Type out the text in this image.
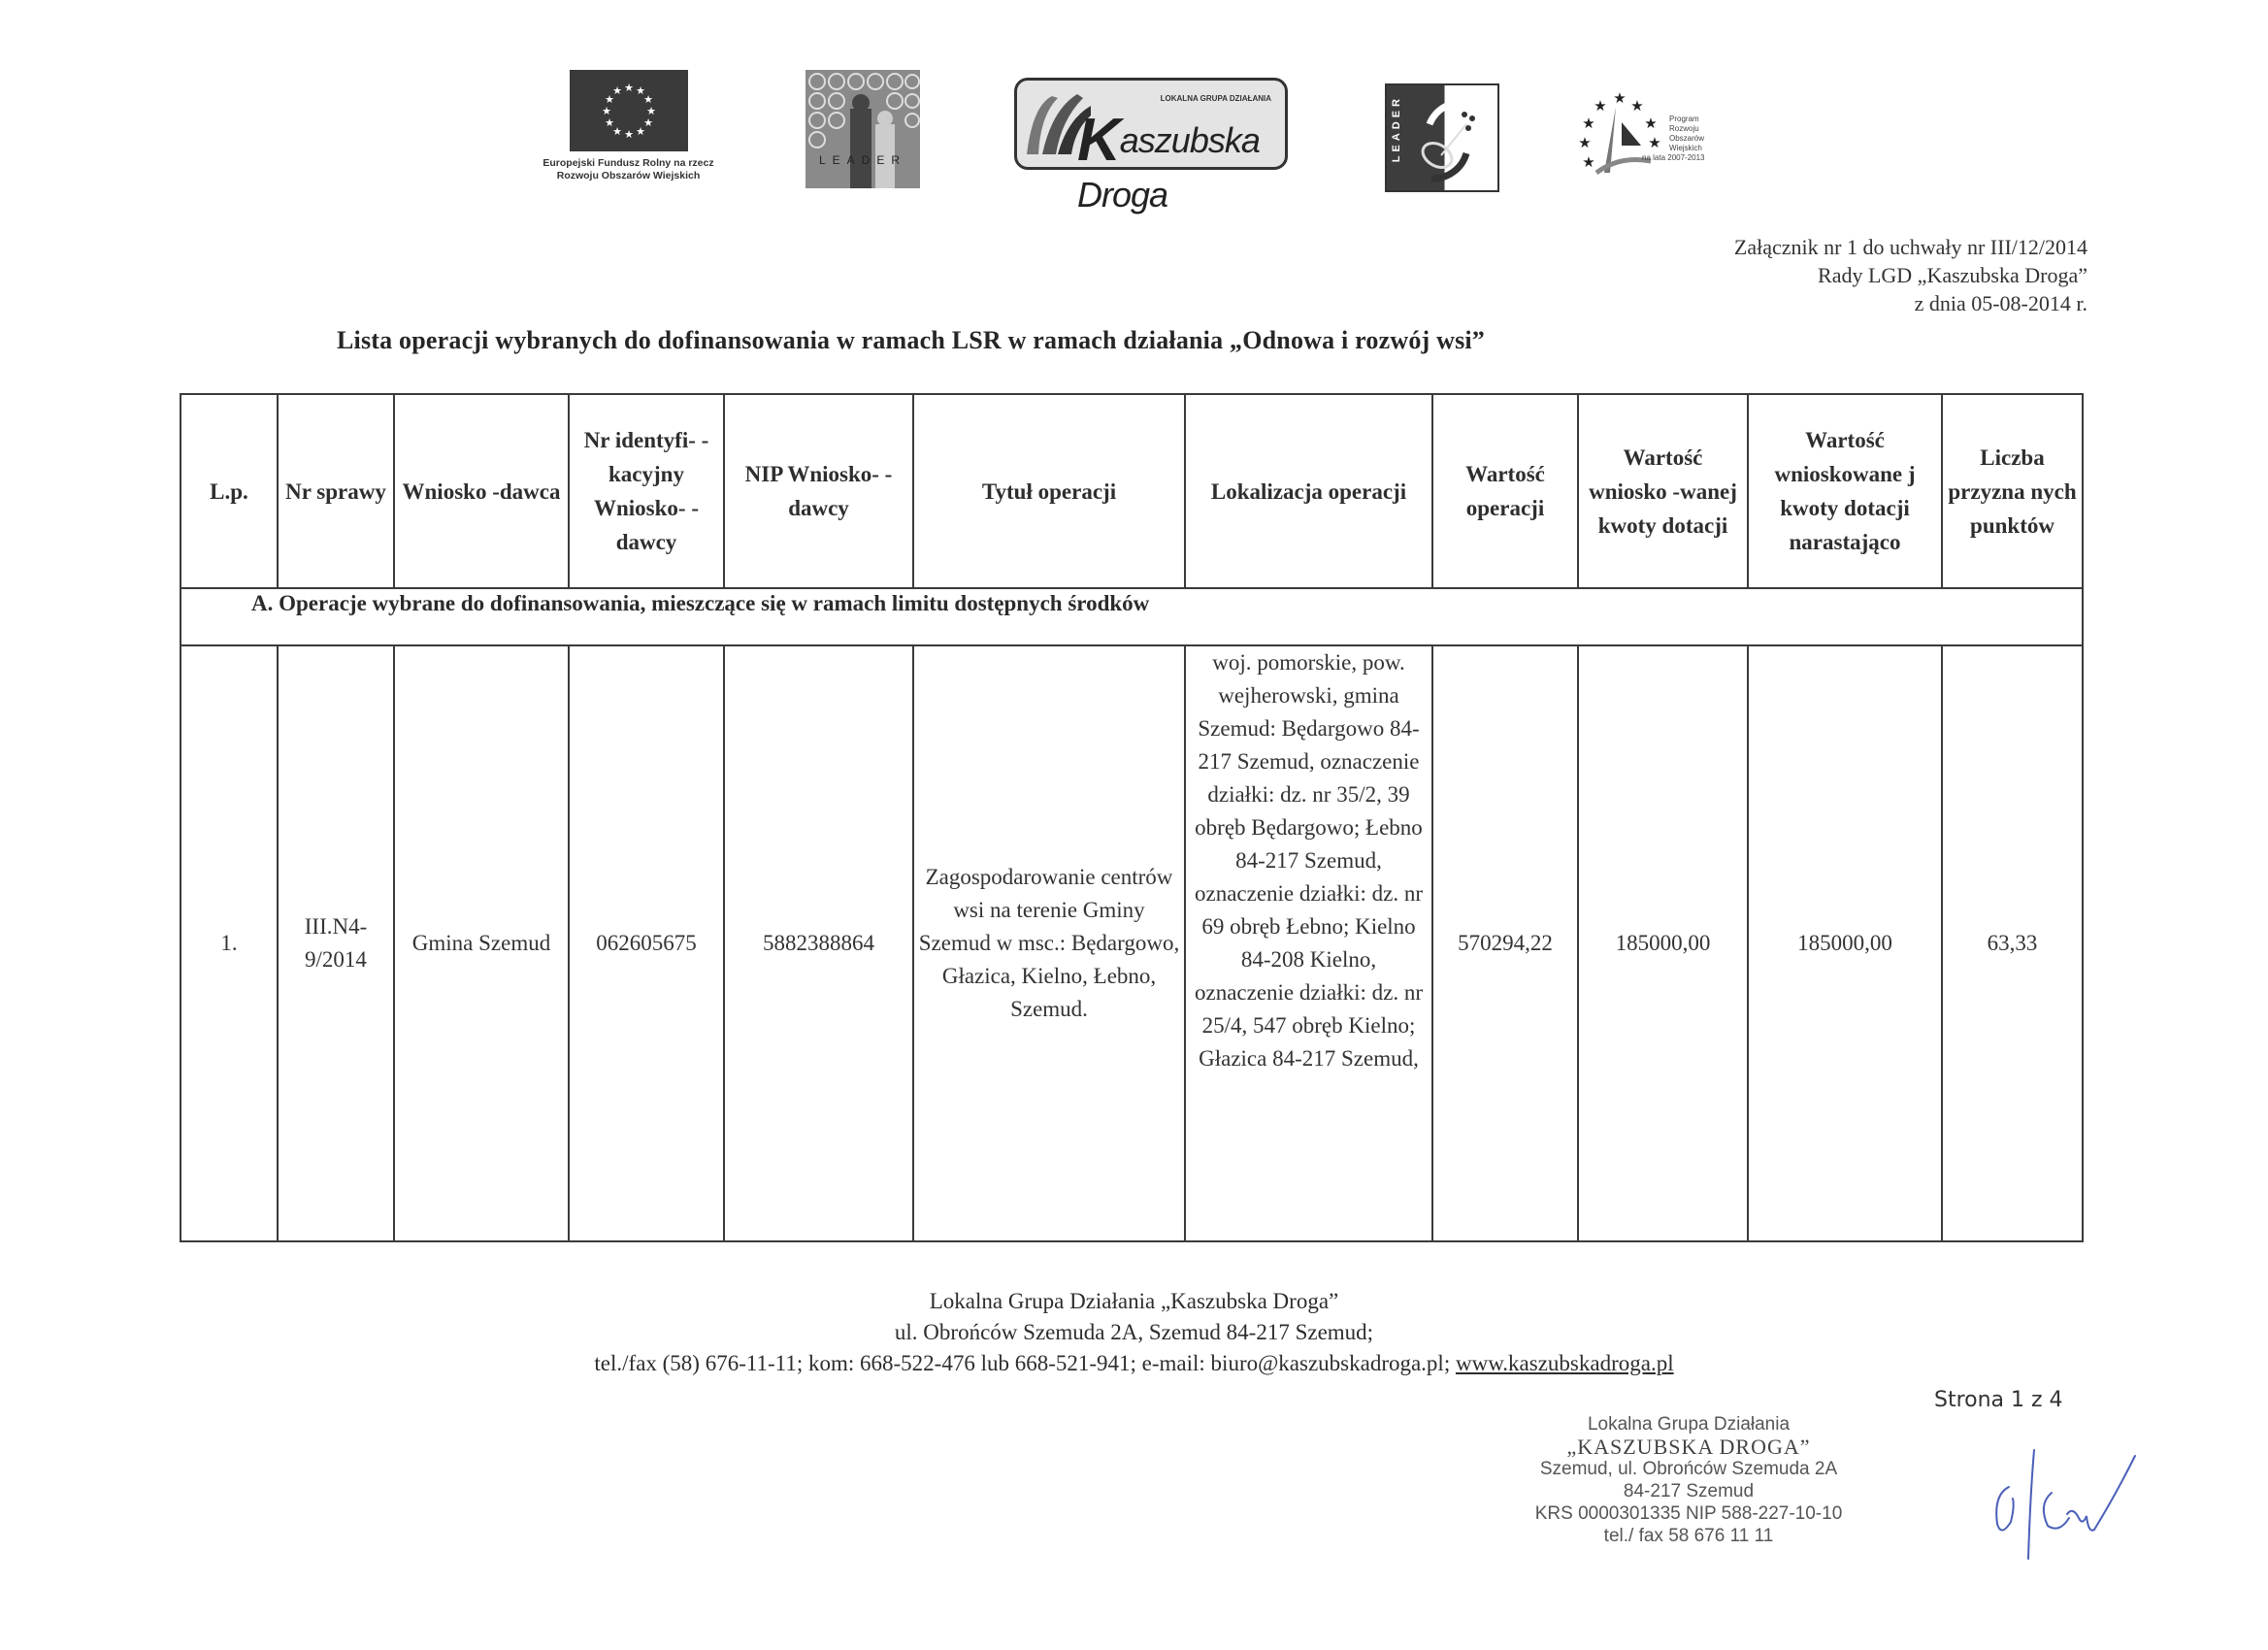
★ ★
★
★
★
★
★
★
★
★
★
★
Europejski Fundusz Rolny na rzecz
Rozwoju Obszarów Wiejskich
LEADER
LOKALNA GRUPA DZIAŁANIA
Kaszubska Droga
LEADER	★
★ ★
★	★
★	★
★
Program
Rozwoju
Obszarów
Wiejskich
na lata 2007-2013
Załącznik nr 1 do uchwały nr III/12/2014
Rady LGD „Kaszubska Droga”
z dnia 05-08-2014 r.
Lista operacji wybranych do dofinansowania w ramach LSR w ramach działania „Odnowa i rozwój wsi”
L.p.	Nr sprawy	Wniosko -dawca	Nr identyfi- -kacyjny Wniosko- -dawcy	NIP Wniosko- -dawcy	Tytuł operacji	Lokalizacja operacji	Wartość operacji	Wartość wniosko -wanej kwoty dotacji	Wartość wnioskowane j kwoty dotacji narastająco	Liczba przyzna nych punktów
A. Operacje wybrane do dofinansowania, mieszczące się w ramach limitu dostępnych środków										
1.	III.N4- 9/2014	Gmina Szemud	062605675	5882388864	Zagospodarowanie centrów wsi na terenie Gminy Szemud w msc.: Będargowo, Głazica, Kielno, Łebno, Szemud.	woj. pomorskie, pow. wejherowski, gmina Szemud: Będargowo 84-217 Szemud, oznaczenie działki: dz. nr 35/2, 39 obręb Będargowo; Łebno 84-217 Szemud, oznaczenie działki: dz. nr 69 obręb Łebno; Kielno 84-208 Kielno, oznaczenie działki: dz. nr 25/4, 547 obręb Kielno; Głazica 84-217 Szemud,	570294,22	185000,00	185000,00	63,33
Lokalna Grupa Działania „Kaszubska Droga”
ul. Obrońców Szemuda 2A, Szemud 84-217 Szemud;
tel./fax (58) 676-11-11; kom: 668-522-476 lub 668-521-941; e-mail: biuro@kaszubskadroga.pl; www.kaszubskadroga.pl
Strona 1 z 4
Lokalna Grupa Działania
„KASZUBSKA DROGA”
Szemud, ul. Obrońców Szemuda 2A
84-217 Szemud
KRS 0000301335 NIP 588-227-10-10
tel./ fax 58 676 11 11
